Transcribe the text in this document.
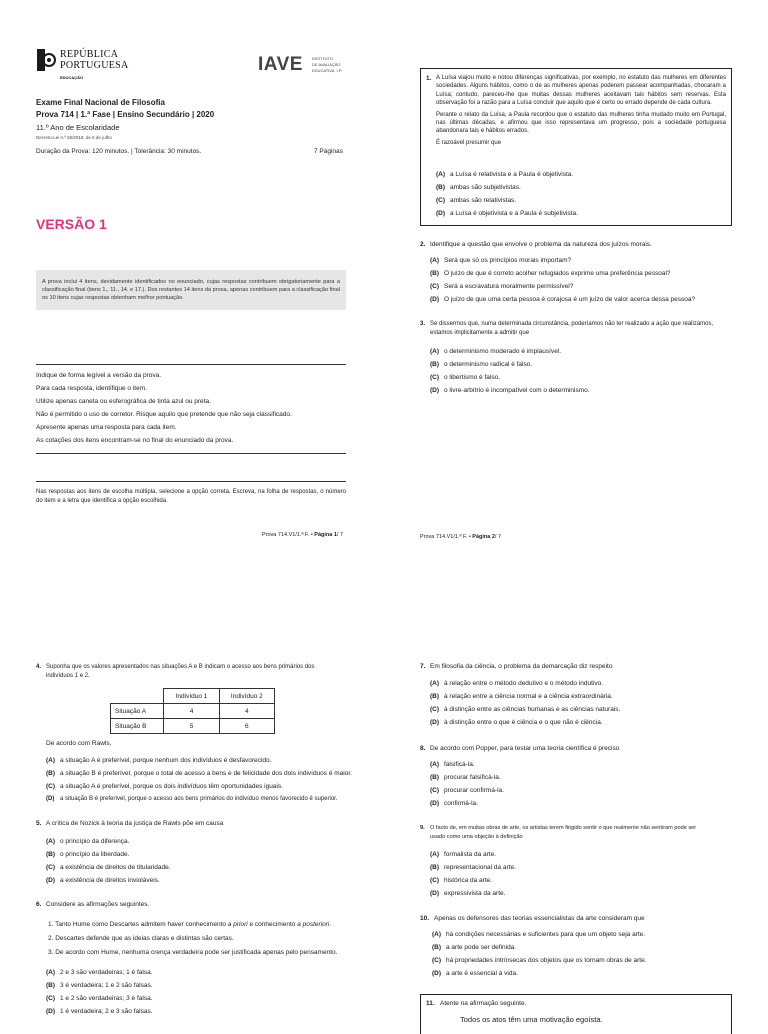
REPÚBLICA
PORTUGUESA
EDUCAÇÃO
IAVE INSTITUTO
DE AVALIAÇÃO
EDUCATIVA, I.P.
Exame Final Nacional de Filosofia
Prova 714 | 1.ª Fase | Ensino Secundário | 2020
11.º Ano de Escolaridade
Decreto-Lei n.º 55/2018, de 6 de julho
Duração da Prova: 120 minutos. | Tolerância: 30 minutos.	7 Páginas
VERSÃO 1
A prova inclui 4 itens, devidamente identificados no enunciado, cujas respostas contribuem obrigatoriamente para a classificação final (itens 1., 11., 14. e 17.). Dos restantes 14 itens da prova, apenas contribuem para a classificação final os 10 itens cujas respostas obtenham melhor pontuação.
Indique de forma legível a versão da prova.
Para cada resposta, identifique o item.
Utilize apenas caneta ou esferográfica de tinta azul ou preta.
Não é permitido o uso de corretor. Risque aquilo que pretende que não seja classificado.
Apresente apenas uma resposta para cada item.
As cotações dos itens encontram-se no final do enunciado da prova.
Nas respostas aos itens de escolha múltipla, selecione a opção correta. Escreva, na folha de respostas, o número do item e a letra que identifica a opção escolhida.
Prova 714.V1/1.ª F. • Página 1/ 7
1. A Luísa viajou muito e notou diferenças significativas, por exemplo, no estatuto das mulheres em diferentes sociedades. Alguns hábitos, como o de as mulheres apenas poderem passear acompanhadas, chocaram a Luísa; contudo, pareceu-lhe que muitas dessas mulheres aceitavam tais hábitos sem reservas. Esta observação foi a razão para a Luísa concluir que aquilo que é certo ou errado depende de cada cultura.
Perante o relato da Luísa, a Paula recordou que o estatuto das mulheres tinha mudado muito em Portugal, nas últimas décadas, e afirmou que isso representava um progresso, pois a sociedade portuguesa abandonara tais e hábitos errados.
É razoável presumir que
(A) a Luísa é relativista e a Paula é objetivista.
(B) ambas são subjetivistas.
(C) ambas são relativistas.
(D) a Luísa é objetivista e a Paula é subjetivista.
2. Identifique a questão que envolve o problema da natureza dos juízos morais.
(A) Será que só os princípios morais importam?
(B) O juízo de que é correto acolher refugiados exprime uma preferência pessoal?
(C) Será a escravatura moralmente permissível?
(D) O juízo de que uma certa pessoa é corajosa é um juízo de valor acerca dessa pessoa?
3. Se dissermos que, numa determinada circunstância, poderíamos não ter realizado a ação que realizámos,
estamos implicitamente a admitir que
(A) o determinismo moderado é implausível.
(B) o determinismo radical é falso.
(C) o libertismo é falso.
(D) o livre-arbítrio é incompatível com o determinismo.
Prova 714.V1/1.ª F. • Página 2/ 7
4. Suponha que os valores apresentados nas situações A e B indicam o acesso aos bens primários dos
indivíduos 1 e 2.
	Indivíduo 1	Indivíduo 2
Situação A	4	4
Situação B	5	6
De acordo com Rawls,
(A) a situação A é preferível, porque nenhum dos indivíduos é desfavorecido.
(B) a situação B é preferível, porque o total de acesso a bens e de felicidade dos dois indivíduos é maior.
(C) a situação A é preferível, porque os dois indivíduos têm oportunidades iguais.
(D) a situação B é preferível, porque o acesso aos bens primários do indivíduo menos favorecido é superior.
5. A crítica de Nozick à teoria da justiça de Rawls põe em causa
(A) o princípio da diferença.
(B) o princípio da liberdade.
(C) a existência de direitos de titularidade.
(D) a existência de direitos invioláveis.
6. Considere as afirmações seguintes.
1. Tanto Hume como Descartes admitem haver conhecimento a priori e conhecimento a posteriori.
2. Descartes defende que as ideias claras e distintas são certas.
3. De acordo com Hume, nenhuma crença verdadeira pode ser justificada apenas pelo pensamento.
(A) 2 e 3 são verdadeiras; 1 é falsa.
(B) 3 é verdadeira; 1 e 2 são falsas.
(C) 1 e 2 são verdadeiras; 3 é falsa.
(D) 1 é verdadeira; 2 e 3 são falsas.
7. Em filosofia da ciência, o problema da demarcação diz respeito
(A) à relação entre o método dedutivo e o método indutivo.
(B) à relação entre a ciência normal e a ciência extraordinária.
(C) à distinção entre as ciências humanas e as ciências naturais.
(D) à distinção entre o que é ciência e o que não é ciência.
8. De acordo com Popper, para testar uma teoria científica é preciso
(A) falsificá-la.
(B) procurar falsificá-la.
(C) procurar confirmá-la.
(D) confirmá-la.
9. O facto de, em muitas obras de arte, os artistas terem fingido sentir o que realmente não sentiram pode ser
usado como uma objeção à definição
(A) formalista da arte.
(B) representacional da arte.
(C) histórica da arte.
(D) expressivista da arte.
10. Apenas os defensores das teorias essencialistas da arte consideram que
(A) há condições necessárias e suficientes para que um objeto seja arte.
(B) a arte pode ser definida.
(C) há propriedades intrínsecas dos objetos que os tornam obras de arte.
(D) a arte é essencial à vida.
11. Atente na afirmação seguinte.
Todos os atos têm uma motivação egoísta.
